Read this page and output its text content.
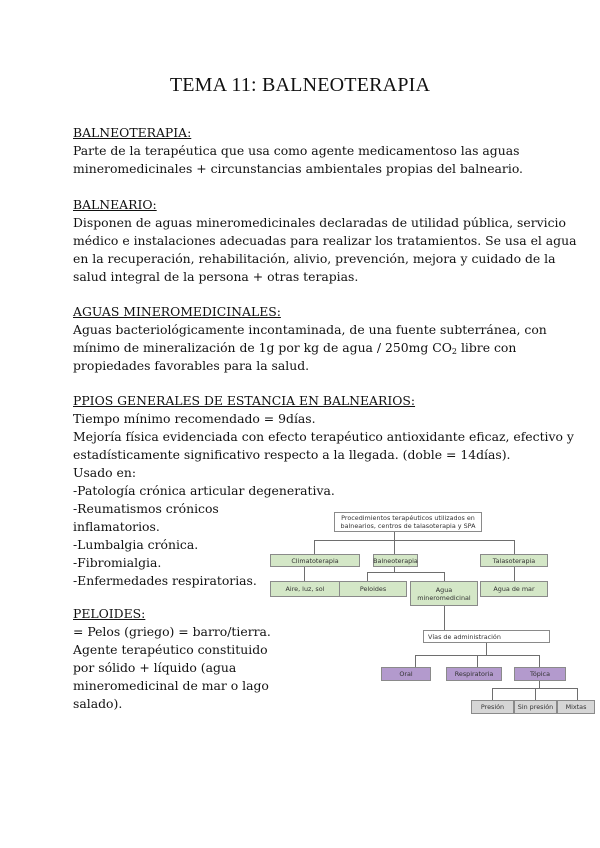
TEMA 11: BALNEOTERAPIA
BALNEOTERAPIA:
Parte de la terapéutica que usa como agente medicamentoso las aguas
mineromedicinales + circunstancias ambientales propias del balneario.
BALNEARIO:
Disponen de aguas mineromedicinales declaradas de utilidad pública, servicio
médico e instalaciones adecuadas para realizar los tratamientos. Se usa el agua
en la recuperación, rehabilitación, alivio, prevención, mejora y cuidado de la
salud integral de la persona + otras terapias.
AGUAS MINEROMEDICINALES:
Aguas bacteriológicamente incontaminada, de una fuente subterránea, con
mínimo de mineralización de 1g por kg de agua / 250mg $CO_2$ libre con
propiedades favorables para la salud.
PPIOS GENERALES DE ESTANCIA EN BALNEARIOS:
Tiempo mínimo recomendado = 9días.
Mejoría física evidenciada con efecto terapéutico antioxidante eficaz, efectivo y
estadísticamente significativo respecto a la llegada. (doble = 14días).
Usado en:
-Patología crónica articular degenerativa.
-Reumatismos crónicos
inflamatorios.
-Lumbalgia crónica.
-Fibromialgia.
-Enfermedades respiratorias.
PELOIDES:
= Pelos (griego) = barro/tierra.
Agente terapéutico constituido
por sólido + líquido (agua
mineromedicinal de mar o lago
salado).
Procedimientos terapéuticos utilizados en
balnearios, centros de talasoterapia y SPA
Climatoterapia	Balneoterapia	Talasoterapia
Aire, luz, sol	Peloides	Agua
mineromedicinal
Agua de mar
Vías de administración
Oral	Respiratoria	Tópica
Presión	Sin presión	Mixtas
